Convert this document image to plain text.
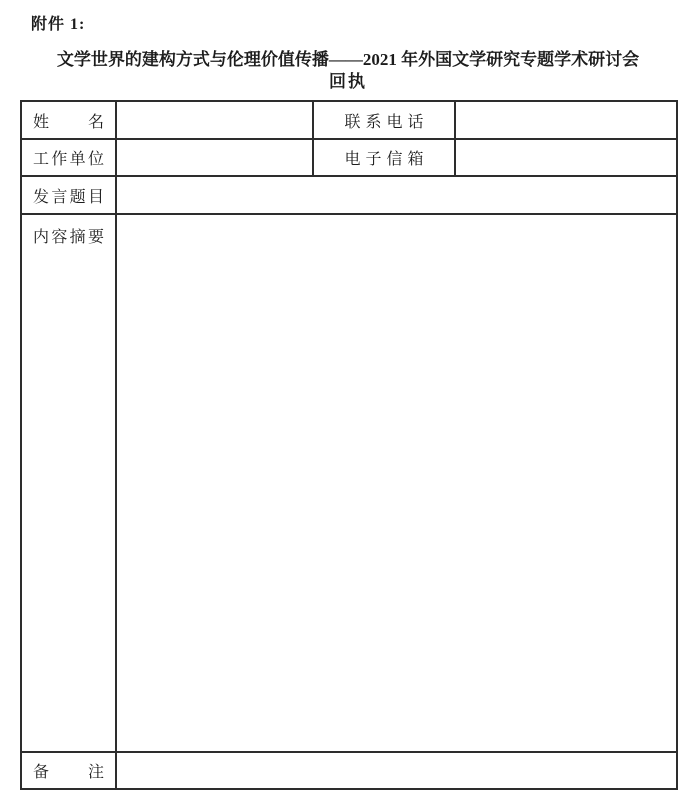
附件 1:
文学世界的建构方式与伦理价值传播——2021 年外国文学研究专题学术研讨会
回执
姓名		联系电话	
工作单位		电子信箱	
发言题目			
内容摘要			
备注			
